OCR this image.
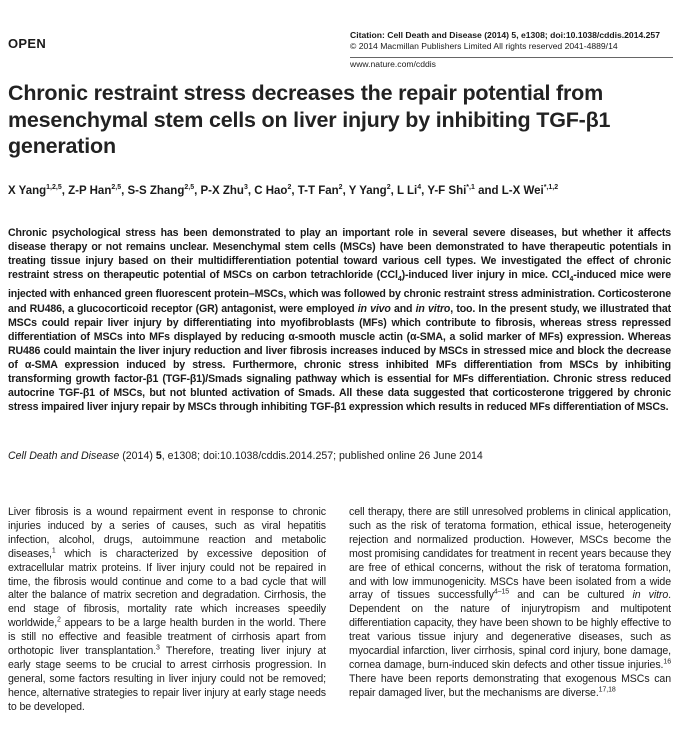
OPEN
Citation: Cell Death and Disease (2014) 5, e1308; doi:10.1038/cddis.2014.257
© 2014 Macmillan Publishers Limited All rights reserved 2041-4889/14
www.nature.com/cddis
Chronic restraint stress decreases the repair potential from mesenchymal stem cells on liver injury by inhibiting TGF-β1 generation
X Yang$^{1,2,5}$, Z-P Han$^{2,5}$, S-S Zhang$^{2,5}$, P-X Zhu$^3$, C Hao$^2$, T-T Fan$^2$, Y Yang$^2$, L Li$^4$, Y-F Shi$^{*,1}$ and L-X Wei$^{*,1,2}$
Chronic psychological stress has been demonstrated to play an important role in several severe diseases, but whether it affects disease therapy or not remains unclear. Mesenchymal stem cells (MSCs) have been demonstrated to have therapeutic potentials in treating tissue injury based on their multidifferentiation potential toward various cell types. We investigated the effect of chronic restraint stress on therapeutic potential of MSCs on carbon tetrachloride (CCl$_4$)-induced liver injury in mice. CCl$_4$-induced mice were injected with enhanced green fluorescent protein–MSCs, which was followed by chronic restraint stress administration. Corticosterone and RU486, a glucocorticoid receptor (GR) antagonist, were employed in vivo and in vitro, too. In the present study, we illustrated that MSCs could repair liver injury by differentiating into myofibroblasts (MFs) which contribute to fibrosis, whereas stress repressed differentiation of MSCs into MFs displayed by reducing α-smooth muscle actin (α-SMA, a solid marker of MFs) expression. Whereas RU486 could maintain the liver injury reduction and liver fibrosis increases induced by MSCs in stressed mice and block the decrease of α-SMA expression induced by stress. Furthermore, chronic stress inhibited MFs differentiation from MSCs by inhibiting transforming growth factor-β1 (TGF-β1)/Smads signaling pathway which is essential for MFs differentiation. Chronic stress reduced autocrine TGF-β1 of MSCs, but not blunted activation of Smads. All these data suggested that corticosterone triggered by chronic stress impaired liver injury repair by MSCs through inhibiting TGF-β1 expression which results in reduced MFs differentiation of MSCs.
Cell Death and Disease (2014) 5, e1308; doi:10.1038/cddis.2014.257; published online 26 June 2014
Liver fibrosis is a wound repairment event in response to chronic injuries induced by a series of causes, such as viral hepatitis infection, alcohol, drugs, autoimmune reaction and metabolic diseases,$^1$ which is characterized by excessive deposition of extracellular matrix proteins. If liver injury could not be repaired in time, the fibrosis would continue and come to a bad cycle that will alter the balance of matrix secretion and degradation. Cirrhosis, the end stage of fibrosis, mortality rate which increases speedily worldwide,$^2$ appears to be a large health burden in the world. There is still no effective and feasible treatment of cirrhosis apart from orthotopic liver transplantation.$^3$ Therefore, treating liver injury at early stage seems to be crucial to arrest cirrhosis progression. In general, some factors resulting in liver injury could not be removed; hence, alternative strategies to repair liver injury at early stage needs to be developed.
cell therapy, there are still unresolved problems in clinical application, such as the risk of teratoma formation, ethical issue, heterogeneity rejection and normalized production. However, MSCs become the most promising candidates for treatment in recent years because they are free of ethical concerns, without the risk of teratoma formation, and with low immunogenicity. MSCs have been isolated from a wide array of tissues successfully$^{4-15}$ and can be cultured in vitro. Dependent on the nature of injurytropism and multipotent differentiation capacity, they have been shown to be highly effective to treat various tissue injury and degenerative diseases, such as myocardial infarction, liver cirrhosis, spinal cord injury, bone damage, cornea damage, burn-induced skin defects and other tissue injuries.$^{16}$ There have been reports demonstrating that exogenous MSCs can repair damaged liver, but the mechanisms are diverse.$^{17,18}$
